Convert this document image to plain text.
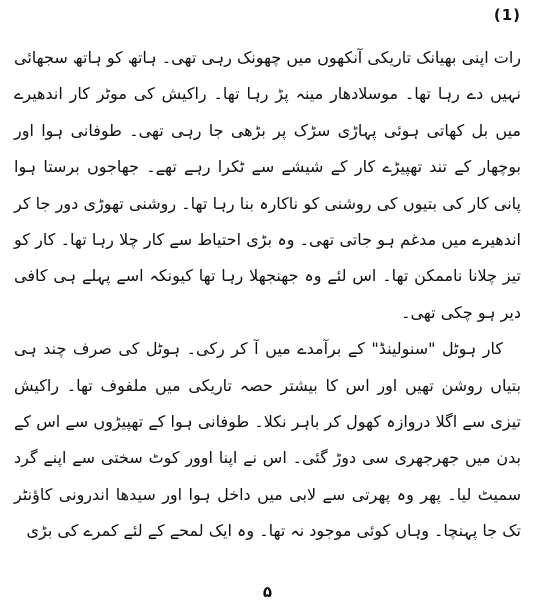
(1)

رات اپنی بھیانک تاریکی آنکھوں میں چھونک رہی تھی۔ ہاتھ کو ہاتھ سجھائی نہیں دے رہا تھا۔ موسلادھار مینہ پڑ رہا تھا۔ راکیش کی موٹر کار اندھیرے میں بل کھاتی ہوئی پہاڑی سڑک پر بڑھی جا رہی تھی۔ طوفانی ہوا اور بوچھار کے تند تھپیڑے کار کے شیشے سے ٹکرا رہے تھے۔ جھاجوں برستا ہوا پانی کار کی بتیوں کی روشنی کو ناکارہ بنا رہا تھا۔ روشنی تھوڑی دور جا کر اندھیرے میں مدغم ہو جاتی تھی۔ وہ بڑی احتیاط سے کار چلا رہا تھا۔ کار کو تیز چلانا ناممکن تھا۔ اس لئے وہ جھنجھلا رہا تھا کیونکہ اسے پہلے ہی کافی دیر ہو چکی تھی۔

کار ہوٹل "سنولینڈ" کے برآمدے میں آ کر رکی۔ ہوٹل کی صرف چند ہی بتیاں روشن تھیں اور اس کا بیشتر حصہ تاریکی میں ملفوف تھا۔ راکیش تیزی سے اگلا دروازہ کھول کر باہر نکلا۔ طوفانی ہوا کے تھپیڑوں سے اس کے بدن میں جھرجھری سی دوڑ گئی۔ اس نے اپنا اوور کوٹ سختی سے اپنے گرد سمیٹ لیا۔ پھر وہ پھرتی سے لابی میں داخل ہوا اور سیدھا اندرونی کاؤنٹر تک جا پہنچا۔ وہاں کوئی موجود نہ تھا۔ وہ ایک لمحے کے لئے کمرے کی بڑی

۵
